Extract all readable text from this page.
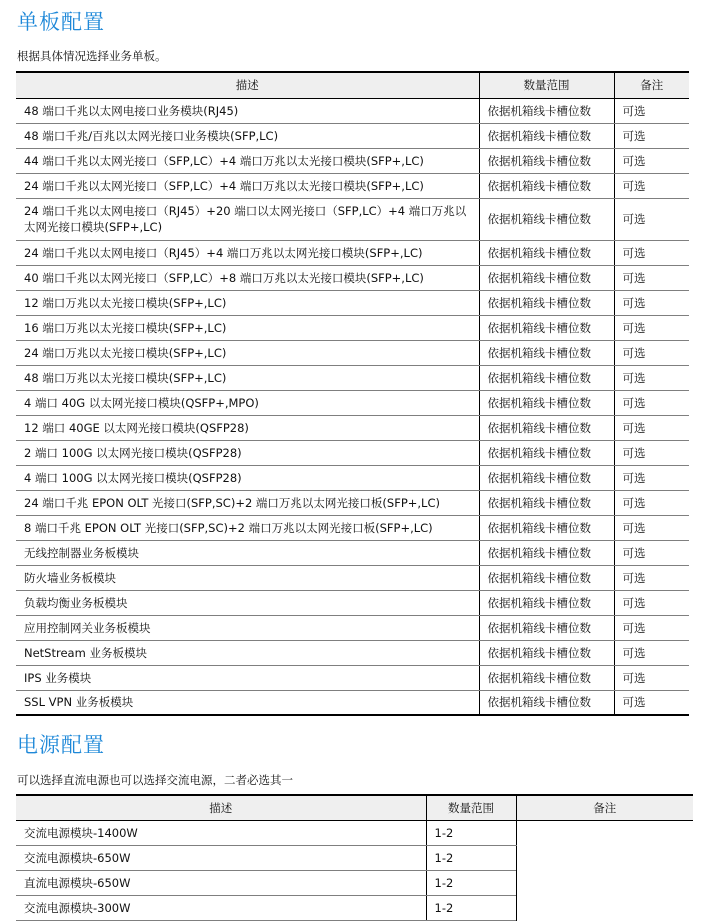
单板配置
根据具体情况选择业务单板。
描述	数量范围	备注
48 端口千兆以太网电接口业务模块(RJ45)	依据机箱线卡槽位数	可选
48 端口千兆/百兆以太网光接口业务模块(SFP,LC)	依据机箱线卡槽位数	可选
44 端口千兆以太网光接口（SFP,LC）+4 端口万兆以太光接口模块(SFP+,LC)	依据机箱线卡槽位数	可选
24 端口千兆以太网光接口（SFP,LC）+4 端口万兆以太光接口模块(SFP+,LC)	依据机箱线卡槽位数	可选
24 端口千兆以太网电接口（RJ45）+20 端口以太网光接口（SFP,LC）+4 端口万兆以太网光接口模块(SFP+,LC)	依据机箱线卡槽位数	可选
24 端口千兆以太网电接口（RJ45）+4 端口万兆以太网光接口模块(SFP+,LC)	依据机箱线卡槽位数	可选
40 端口千兆以太网光接口（SFP,LC）+8 端口万兆以太光接口模块(SFP+,LC)	依据机箱线卡槽位数	可选
12 端口万兆以太光接口模块(SFP+,LC)	依据机箱线卡槽位数	可选
16 端口万兆以太光接口模块(SFP+,LC)	依据机箱线卡槽位数	可选
24 端口万兆以太光接口模块(SFP+,LC)	依据机箱线卡槽位数	可选
48 端口万兆以太光接口模块(SFP+,LC)	依据机箱线卡槽位数	可选
4 端口 40G 以太网光接口模块(QSFP+,MPO)	依据机箱线卡槽位数	可选
12 端口 40GE 以太网光接口模块(QSFP28)	依据机箱线卡槽位数	可选
2 端口 100G 以太网光接口模块(QSFP28)	依据机箱线卡槽位数	可选
4 端口 100G 以太网光接口模块(QSFP28)	依据机箱线卡槽位数	可选
24 端口千兆 EPON OLT 光接口(SFP,SC)+2 端口万兆以太网光接口板(SFP+,LC)	依据机箱线卡槽位数	可选
8 端口千兆 EPON OLT 光接口(SFP,SC)+2 端口万兆以太网光接口板(SFP+,LC)	依据机箱线卡槽位数	可选
无线控制器业务板模块	依据机箱线卡槽位数	可选
防火墙业务板模块	依据机箱线卡槽位数	可选
负载均衡业务板模块	依据机箱线卡槽位数	可选
应用控制网关业务板模块	依据机箱线卡槽位数	可选
NetStream 业务板模块	依据机箱线卡槽位数	可选
IPS 业务模块	依据机箱线卡槽位数	可选
SSL VPN 业务板模块	依据机箱线卡槽位数	可选
电源配置
可以选择直流电源也可以选择交流电源，二者必选其一
描述	数量范围	备注
交流电源模块-1400W	1-2	
交流电源模块-650W	1-2	
直流电源模块-650W	1-2	
交流电源模块-300W	1-2	
